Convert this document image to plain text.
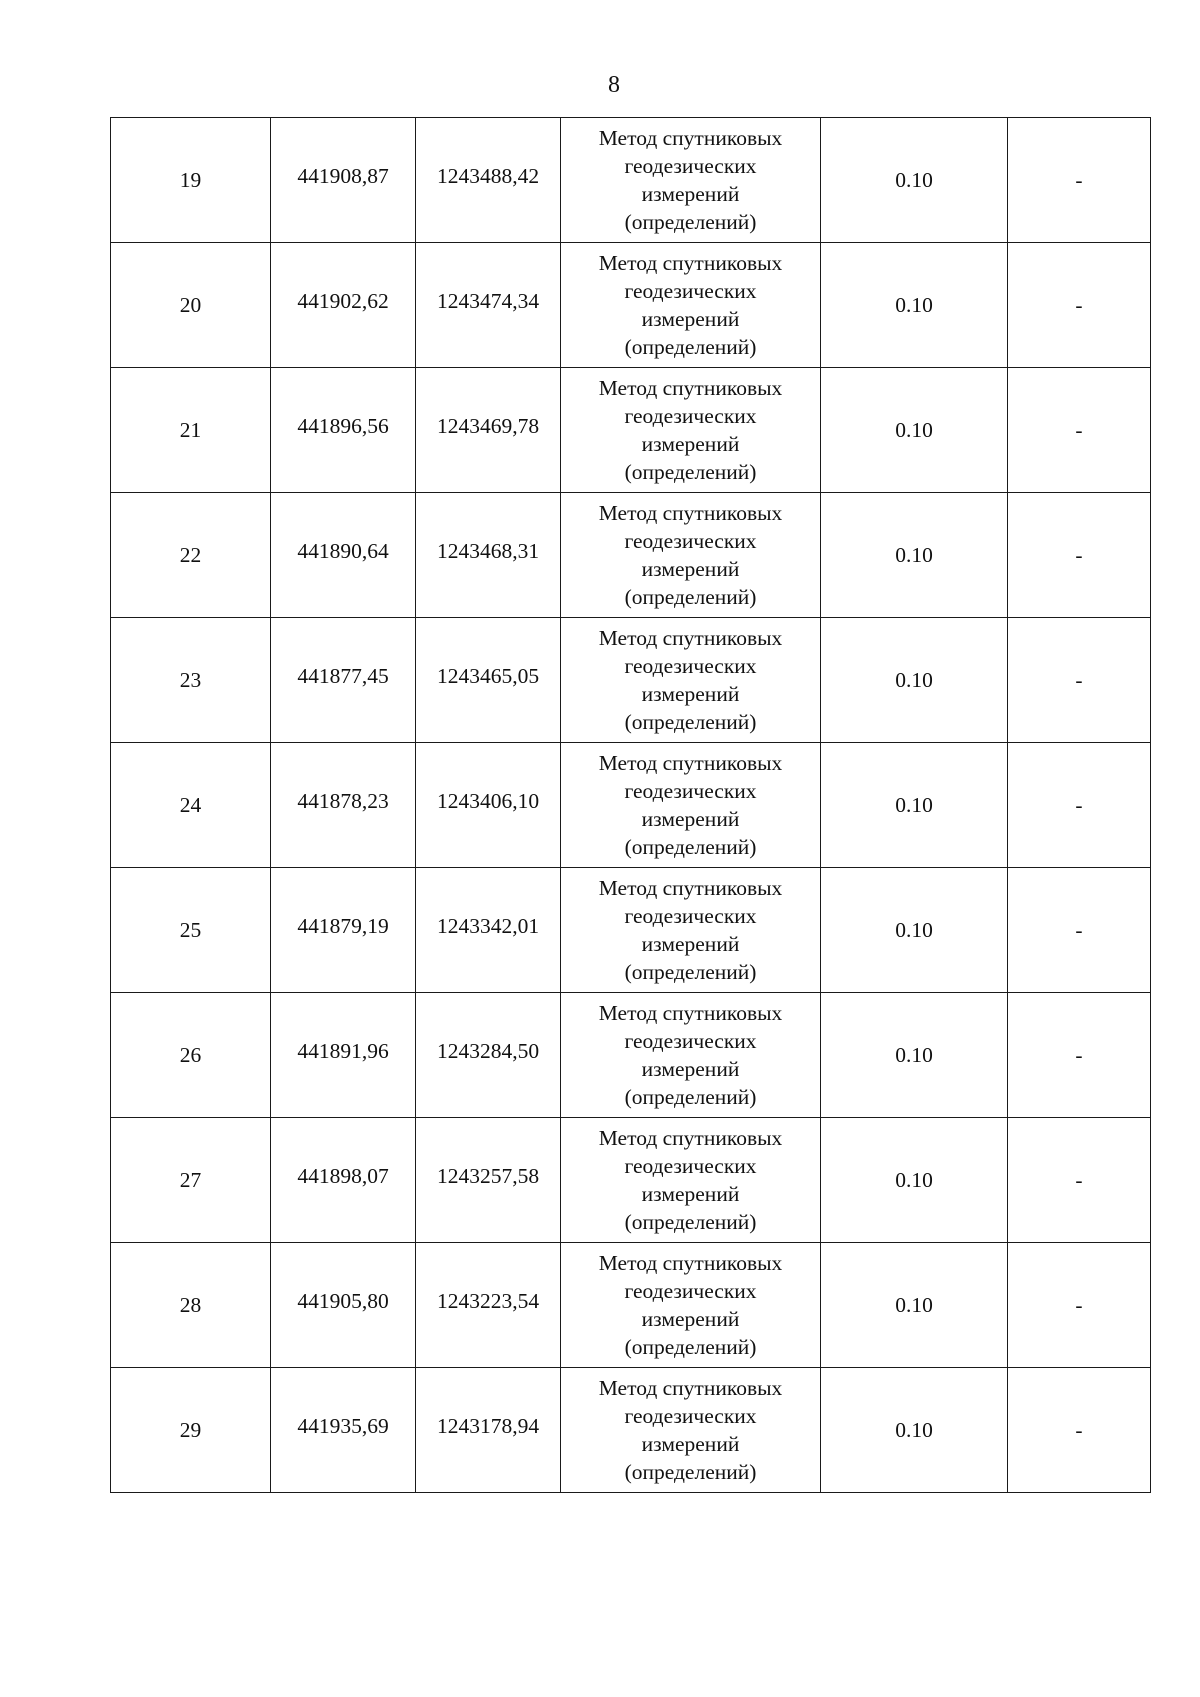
8
19	441908,87	1243488,42	Метод спутниковых
геодезических
измерений
(определений)	0.10	-
20	441902,62	1243474,34	Метод спутниковых
геодезических
измерений
(определений)	0.10	-
21	441896,56	1243469,78	Метод спутниковых
геодезических
измерений
(определений)	0.10	-
22	441890,64	1243468,31	Метод спутниковых
геодезических
измерений
(определений)	0.10	-
23	441877,45	1243465,05	Метод спутниковых
геодезических
измерений
(определений)	0.10	-
24	441878,23	1243406,10	Метод спутниковых
геодезических
измерений
(определений)	0.10	-
25	441879,19	1243342,01	Метод спутниковых
геодезических
измерений
(определений)	0.10	-
26	441891,96	1243284,50	Метод спутниковых
геодезических
измерений
(определений)	0.10	-
27	441898,07	1243257,58	Метод спутниковых
геодезических
измерений
(определений)	0.10	-
28	441905,80	1243223,54	Метод спутниковых
геодезических
измерений
(определений)	0.10	-
29	441935,69	1243178,94	Метод спутниковых
геодезических
измерений
(определений)	0.10	-
